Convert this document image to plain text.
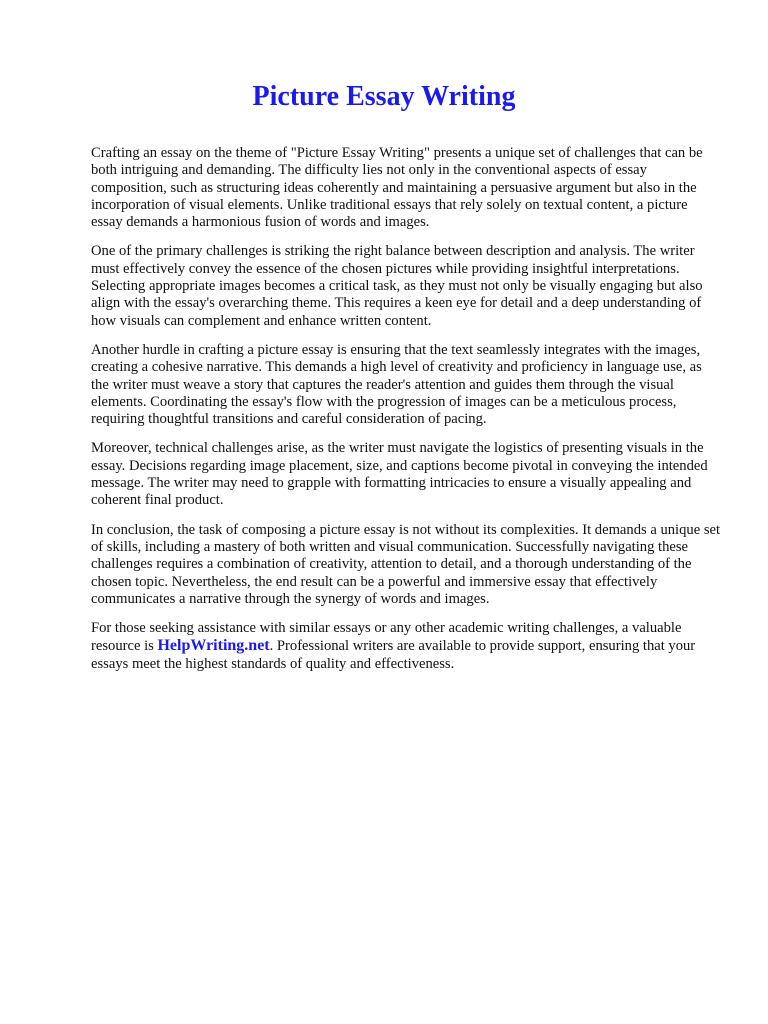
Picture Essay Writing

Crafting an essay on the theme of "Picture Essay Writing" presents a unique set of challenges that can be both intriguing and demanding. The difficulty lies not only in the conventional aspects of essay composition, such as structuring ideas coherently and maintaining a persuasive argument but also in the incorporation of visual elements. Unlike traditional essays that rely solely on textual content, a picture essay demands a harmonious fusion of words and images.

One of the primary challenges is striking the right balance between description and analysis. The writer must effectively convey the essence of the chosen pictures while providing insightful interpretations. Selecting appropriate images becomes a critical task, as they must not only be visually engaging but also align with the essay's overarching theme. This requires a keen eye for detail and a deep understanding of how visuals can complement and enhance written content.

Another hurdle in crafting a picture essay is ensuring that the text seamlessly integrates with the images, creating a cohesive narrative. This demands a high level of creativity and proficiency in language use, as the writer must weave a story that captures the reader's attention and guides them through the visual elements. Coordinating the essay's flow with the progression of images can be a meticulous process, requiring thoughtful transitions and careful consideration of pacing.

Moreover, technical challenges arise, as the writer must navigate the logistics of presenting visuals in the essay. Decisions regarding image placement, size, and captions become pivotal in conveying the intended message. The writer may need to grapple with formatting intricacies to ensure a visually appealing and coherent final product.

In conclusion, the task of composing a picture essay is not without its complexities. It demands a unique set of skills, including a mastery of both written and visual communication. Successfully navigating these challenges requires a combination of creativity, attention to detail, and a thorough understanding of the chosen topic. Nevertheless, the end result can be a powerful and immersive essay that effectively communicates a narrative through the synergy of words and images.

For those seeking assistance with similar essays or any other academic writing challenges, a valuable resource is HelpWriting.net. Professional writers are available to provide support, ensuring that your essays meet the highest standards of quality and effectiveness.
